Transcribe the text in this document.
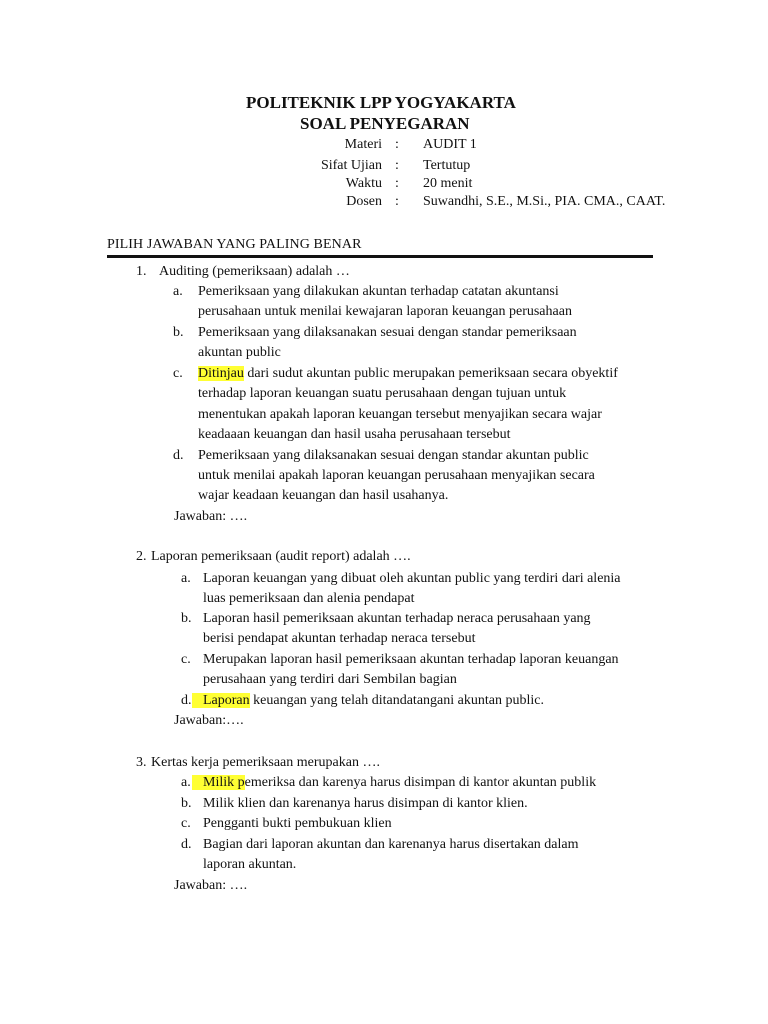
POLITEKNIK LPP YOGYAKARTA
SOAL PENYEGARAN
Materi : AUDIT 1
Sifat Ujian : Tertutup
Waktu : 20 menit
Dosen : Suwandhi, S.E., M.Si., PIA. CMA., CAAT.
PILIH JAWABAN YANG PALING BENAR
1. Auditing (pemeriksaan) adalah …
a. Pemeriksaan yang dilakukan akuntan terhadap catatan akuntansi
perusahaan untuk menilai kewajaran laporan keuangan perusahaan
b. Pemeriksaan yang dilaksanakan sesuai dengan standar pemeriksaan
akuntan public
c. Ditinjau dari sudut akuntan public merupakan pemeriksaan secara obyektif
terhadap laporan keuangan suatu perusahaan dengan tujuan untuk
menentukan apakah laporan keuangan tersebut menyajikan secara wajar
keadaaan keuangan dan hasil usaha perusahaan tersebut
d. Pemeriksaan yang dilaksanakan sesuai dengan standar akuntan public
untuk menilai apakah laporan keuangan perusahaan menyajikan secara
wajar keadaan keuangan dan hasil usahanya.
Jawaban: ….
2. Laporan pemeriksaan (audit report) adalah ….
a. Laporan keuangan yang dibuat oleh akuntan public yang terdiri dari alenia
luas pemeriksaan dan alenia pendapat
b. Laporan hasil pemeriksaan akuntan terhadap neraca perusahaan yang
berisi pendapat akuntan terhadap neraca tersebut
c. Merupakan laporan hasil pemeriksaan akuntan terhadap laporan keuangan
perusahaan yang terdiri dari Sembilan bagian
d. Laporan keuangan yang telah ditandatangani akuntan public.
Jawaban:….
3. Kertas kerja pemeriksaan merupakan ….
a. Milik pemeriksa dan karenya harus disimpan di kantor akuntan publik
b. Milik klien dan karenanya harus disimpan di kantor klien.
c. Pengganti bukti pembukuan klien
d. Bagian dari laporan akuntan dan karenanya harus disertakan dalam
laporan akuntan.
Jawaban: ….
